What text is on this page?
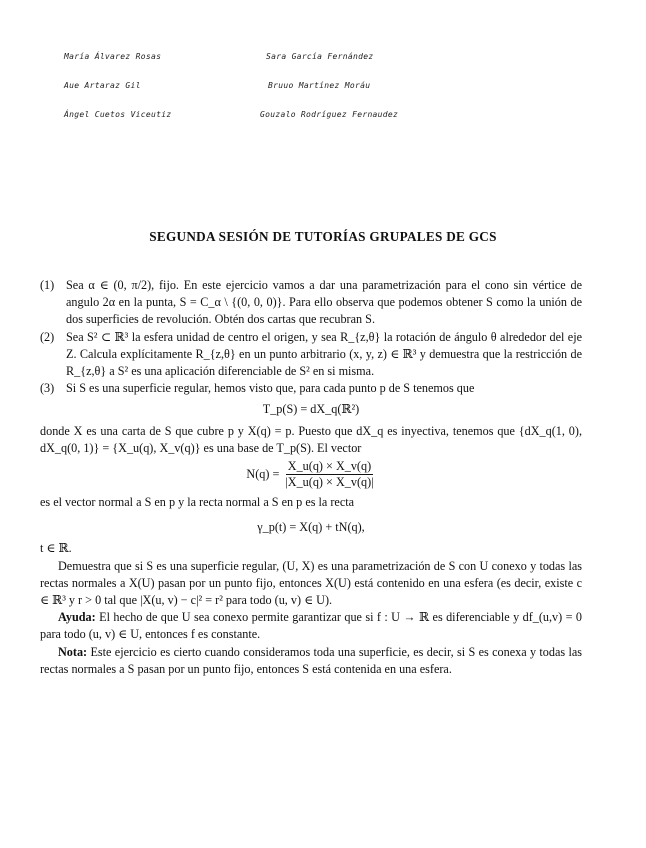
María Álvarez Rosas	Sara García Fernández
Aue Artaraz Gil	Bruuo Martínez Moráu
Ángel Cuetos Viceutiz	Gouzalo Rodríguez Fernaudez
SEGUNDA SESIÓN DE TUTORÍAS GRUPALES DE GCS
(1) Sea α ∈ (0, π/2), fijo. En este ejercicio vamos a dar una parametrización para el cono sin vértice de angulo 2α en la punta, S = C_α \ {(0, 0, 0)}. Para ello observa que podemos obtener S como la unión de dos superficies de revolución. Obtén dos cartas que recubran S.
(2) Sea S² ⊂ ℝ³ la esfera unidad de centro el origen, y sea R_{z,θ} la rotación de ángulo θ alrededor del eje Z. Calcula explícitamente R_{z,θ} en un punto arbitrario (x, y, z) ∈ ℝ³ y demuestra que la restricción de R_{z,θ} a S² es una aplicación diferenciable de S² en si misma.
(3) Si S es una superficie regular, hemos visto que, para cada punto p de S tenemos que
T_p(S) = dX_q(ℝ²)

donde X es una carta de S que cubre p y X(q) = p. Puesto que dX_q es inyectiva, tenemos que {dX_q(1, 0), dX_q(0, 1)} = {X_u(q), X_v(q)} es una base de T_p(S). El vector

$N(q) = \frac{X\_u(q) \times X\_v(q)}{|X\_u(q) \times X\_v(q)|}$

es el vector normal a S en p y la recta normal a S en p es la recta

γ_p(t) = X(q) + tN(q),

t ∈ ℝ.

Demuestra que si S es una superficie regular, (U, X) es una parametrización de S con U conexo y todas las rectas normales a X(U) pasan por un punto fijo, entonces X(U) está contenido en una esfera (es decir, existe c ∈ ℝ³ y r > 0 tal que |X(u, v) − c|² = r² para todo (u, v) ∈ U).

Ayuda: El hecho de que U sea conexo permite garantizar que si f : U → ℝ es diferenciable y df_(u,v) = 0 para todo (u, v) ∈ U, entonces f es constante.

Nota: Este ejercicio es cierto cuando consideramos toda una superficie, es decir, si S es conexa y todas las rectas normales a S pasan por un punto fijo, entonces S está contenida en una esfera.
